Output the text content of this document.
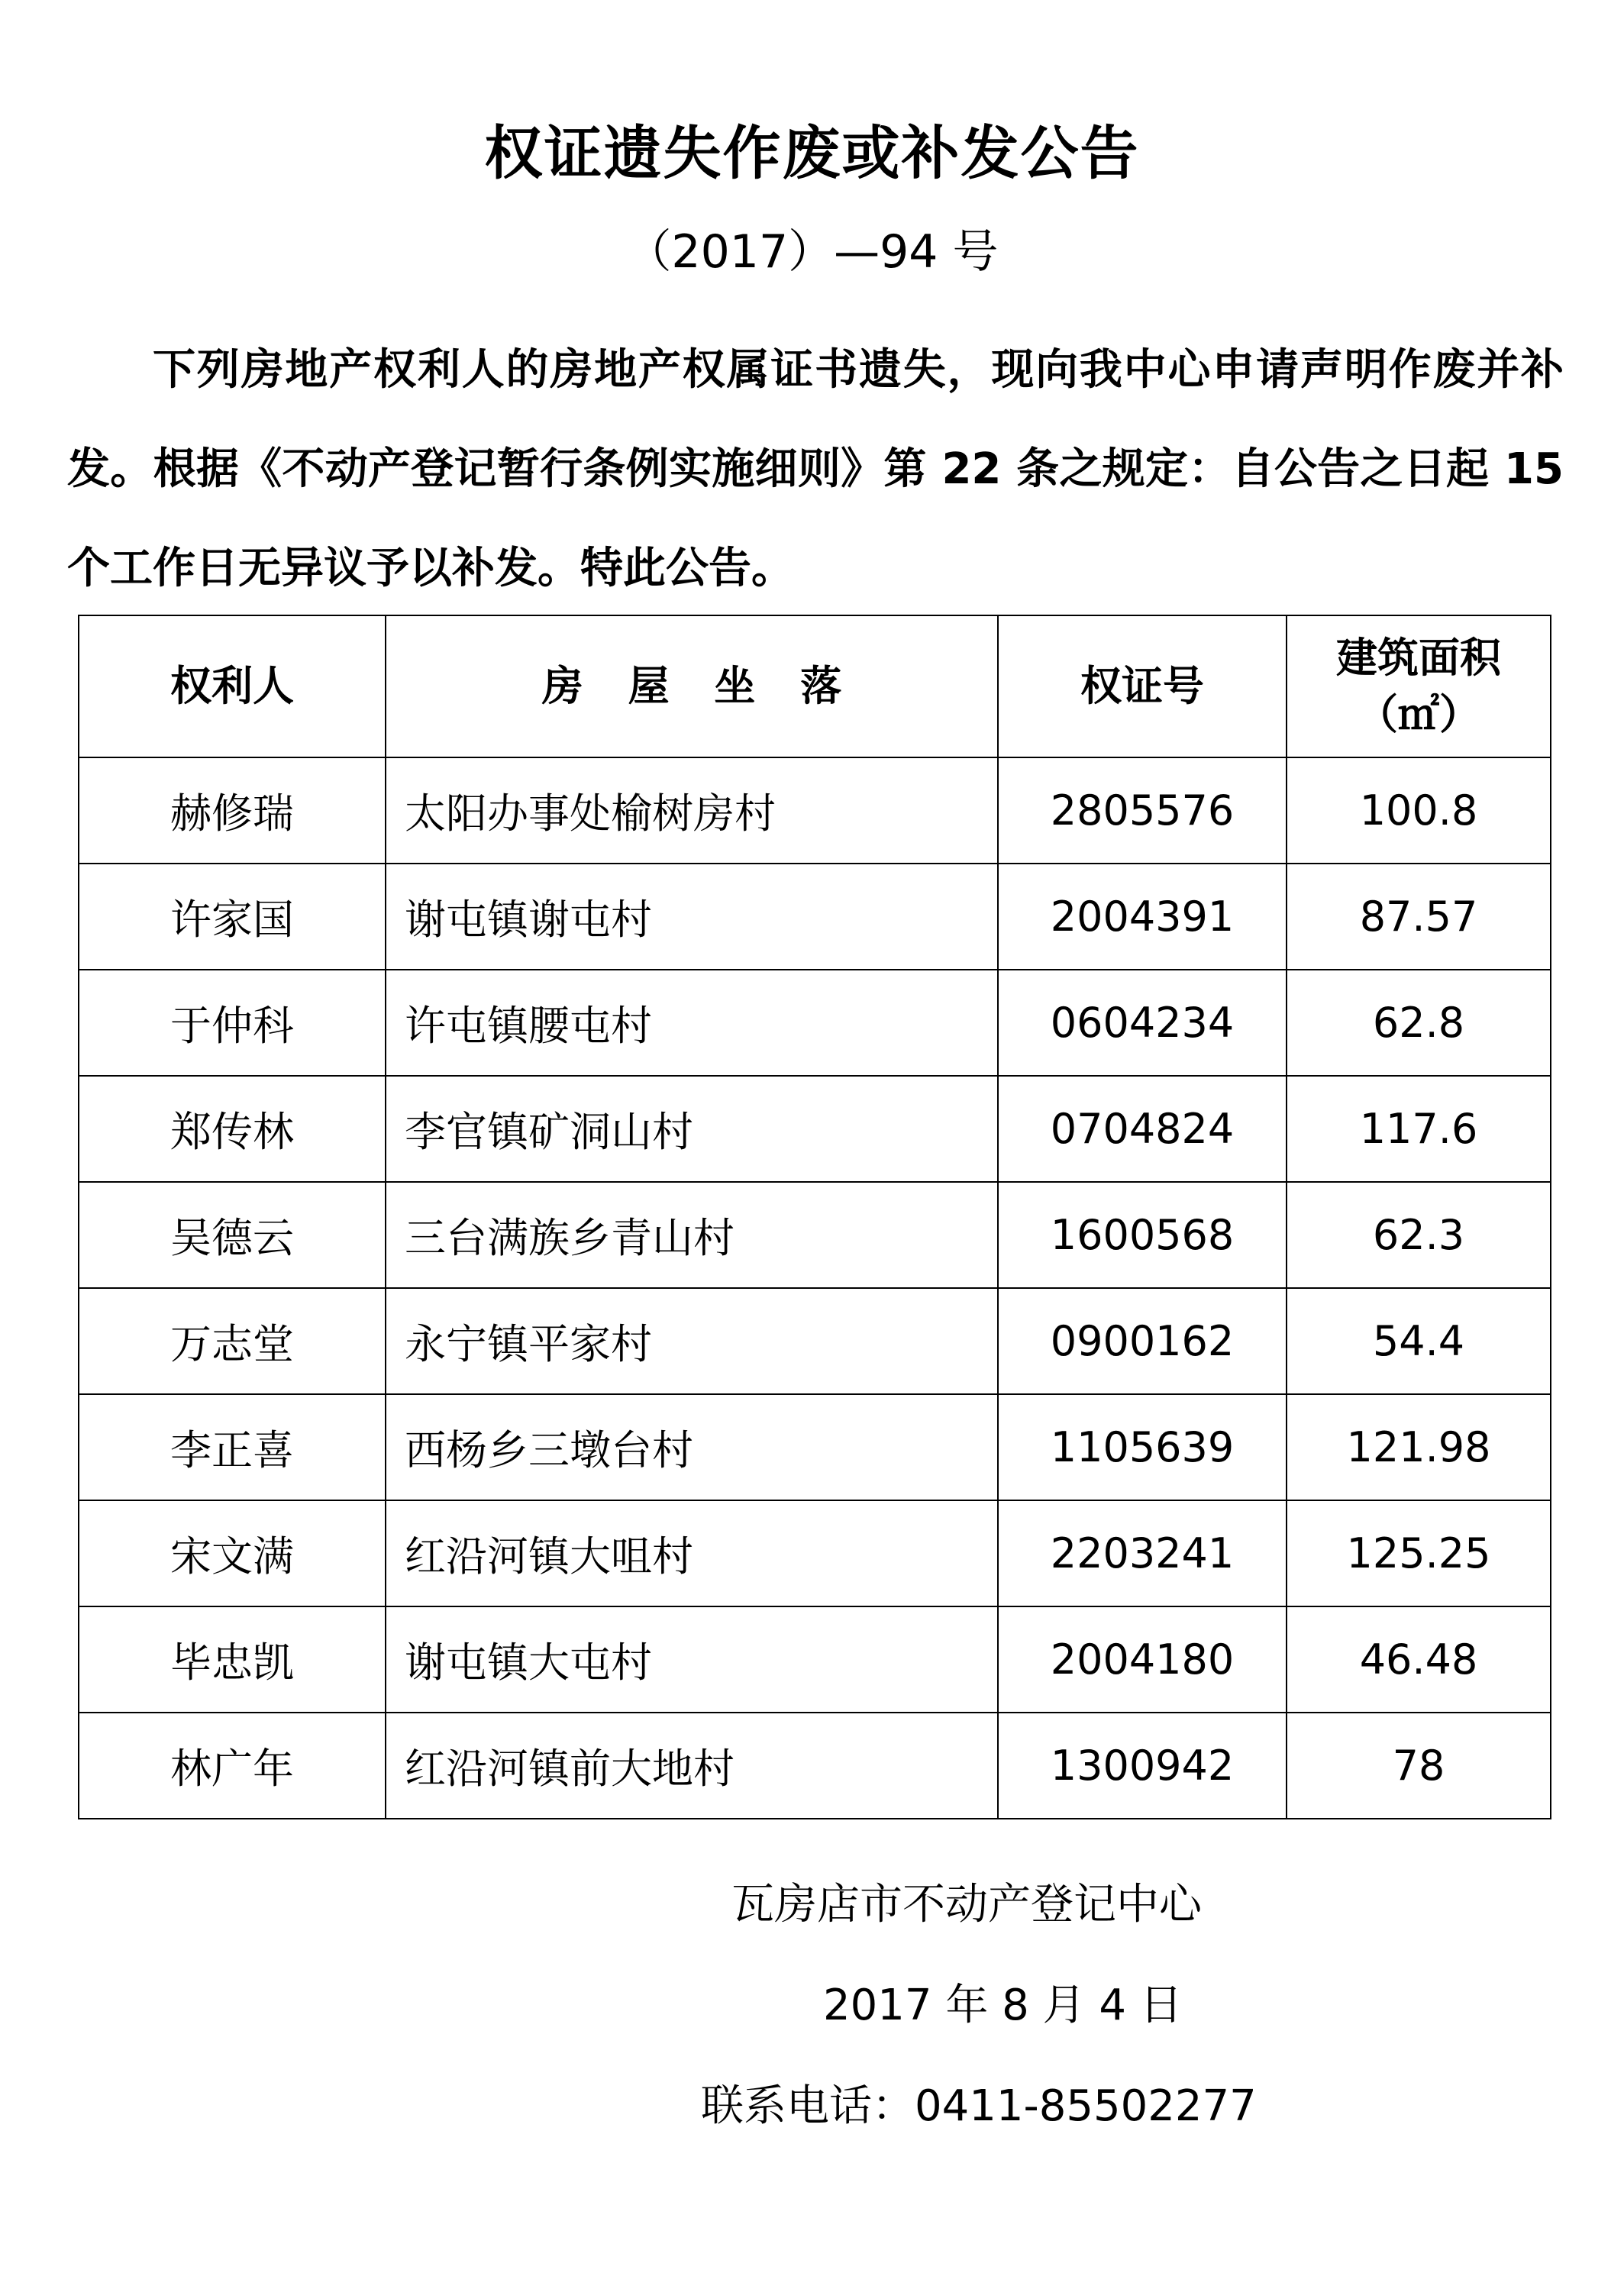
权证遗失作废或补发公告
（2017）—94 号
下列房地产权利人的房地产权属证书遗失，现向我中心申请声明作废并补发。根据《不动产登记暂行条例实施细则》第 22 条之规定：自公告之日起 15 个工作日无异议予以补发。特此公告。
权利人	房 屋 坐 落	权证号	建筑面积
（㎡）

赫修瑞	太阳办事处榆树房村	2805576	100.8
许家国	谢屯镇谢屯村	2004391	87.57
于仲科	许屯镇腰屯村	0604234	62.8
郑传林	李官镇矿洞山村	0704824	117.6
吴德云	三台满族乡青山村	1600568	62.3
万志堂	永宁镇平家村	0900162	54.4
李正喜	西杨乡三墩台村	1105639	121.98
宋文满	红沿河镇大咀村	2203241	125.25
毕忠凯	谢屯镇大屯村	2004180	46.48
林广年	红沿河镇前大地村	1300942	78
瓦房店市不动产登记中心
2017 年 8 月 4 日
联系电话：0411-85502277
